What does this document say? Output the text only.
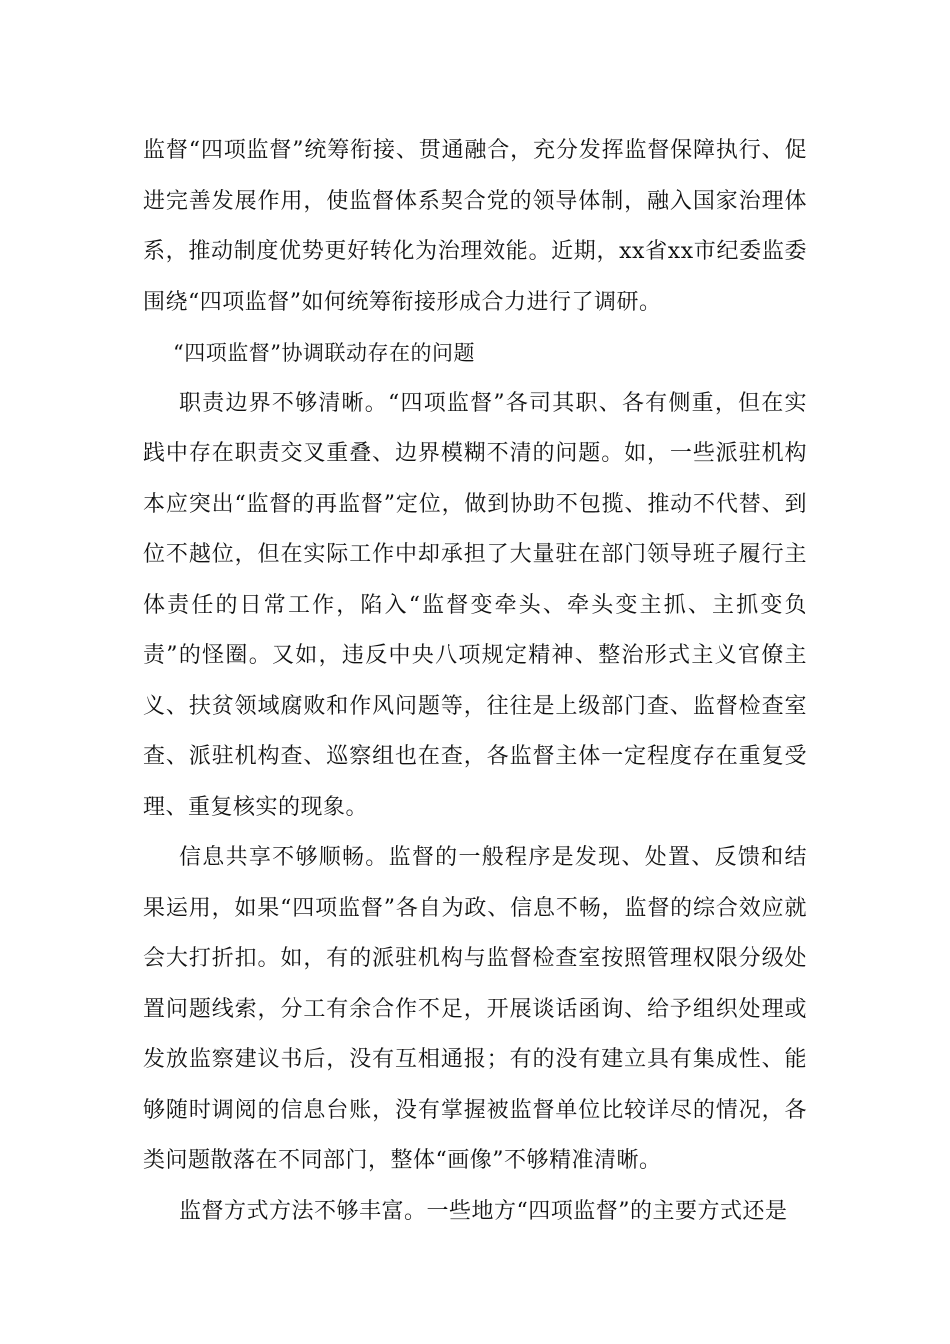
监督“四项监督”统筹衔接、贯通融合，充分发挥监督保障执行、促进完善发展作用，使监督体系契合党的领导体制，融入国家治理体系，推动制度优势更好转化为治理效能。近期，xx省xx市纪委监委围绕“四项监督”如何统筹衔接形成合力进行了调研。

“四项监督”协调联动存在的问题

职责边界不够清晰。“四项监督”各司其职、各有侧重，但在实践中存在职责交叉重叠、边界模糊不清的问题。如，一些派驻机构本应突出“监督的再监督”定位，做到协助不包揽、推动不代替、到位不越位，但在实际工作中却承担了大量驻在部门领导班子履行主体责任的日常工作，陷入“监督变牵头、牵头变主抓、主抓变负责”的怪圈。又如，违反中央八项规定精神、整治形式主义官僚主义、扶贫领域腐败和作风问题等，往往是上级部门查、监督检查室查、派驻机构查、巡察组也在查，各监督主体一定程度存在重复受理、重复核实的现象。

信息共享不够顺畅。监督的一般程序是发现、处置、反馈和结果运用，如果“四项监督”各自为政、信息不畅，监督的综合效应就会大打折扣。如，有的派驻机构与监督检查室按照管理权限分级处置问题线索，分工有余合作不足，开展谈话函询、给予组织处理或发放监察建议书后，没有互相通报；有的没有建立具有集成性、能够随时调阅的信息台账，没有掌握被监督单位比较详尽的情况，各类问题散落在不同部门，整体“画像”不够精准清晰。

监督方式方法不够丰富。一些地方“四项监督”的主要方式还是
